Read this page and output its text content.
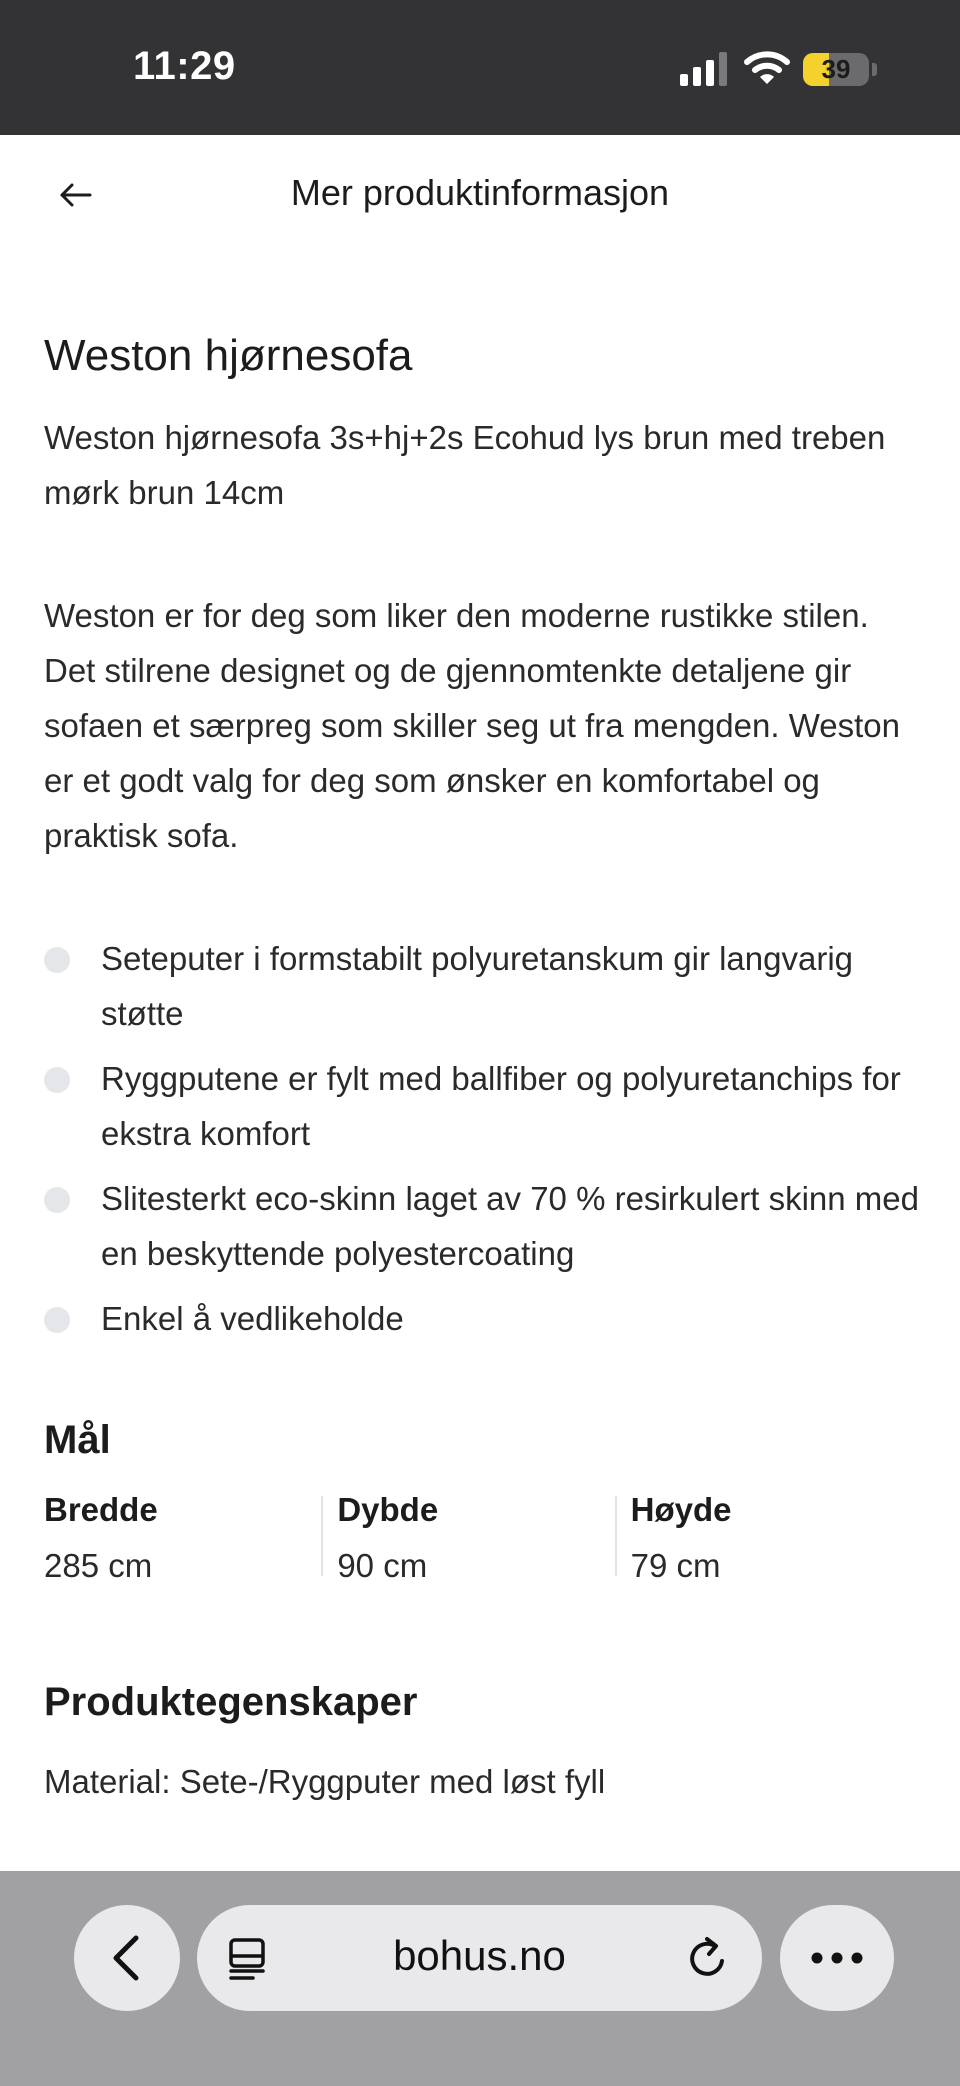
11:29	39
Mer produktinformasjon
Weston hjørnesofa

Weston hjørnesofa 3s+hj+2s Ecohud lys brun med treben mørk brun 14cm

Weston er for deg som liker den moderne rustikke stilen. Det stilrene designet og de gjennomtenkte detaljene gir sofaen et særpreg som skiller seg ut fra mengden. Weston er et godt valg for deg som ønsker en komfortabel og praktisk sofa.

Seteputer i formstabilt polyuretanskum gir langvarig støtte
Ryggputene er fylt med ballfiber og polyuretanchips for ekstra komfort
Slitesterkt eco-skinn laget av 70 % resirkulert skinn med en beskyttende polyestercoating
Enkel å vedlikeholde
Mål
Bredde
285 cm
Dybde
90 cm
Høyde
79 cm
Produktegenskaper

Material: Sete-/Ryggputer med løst fyll

bohus.no
